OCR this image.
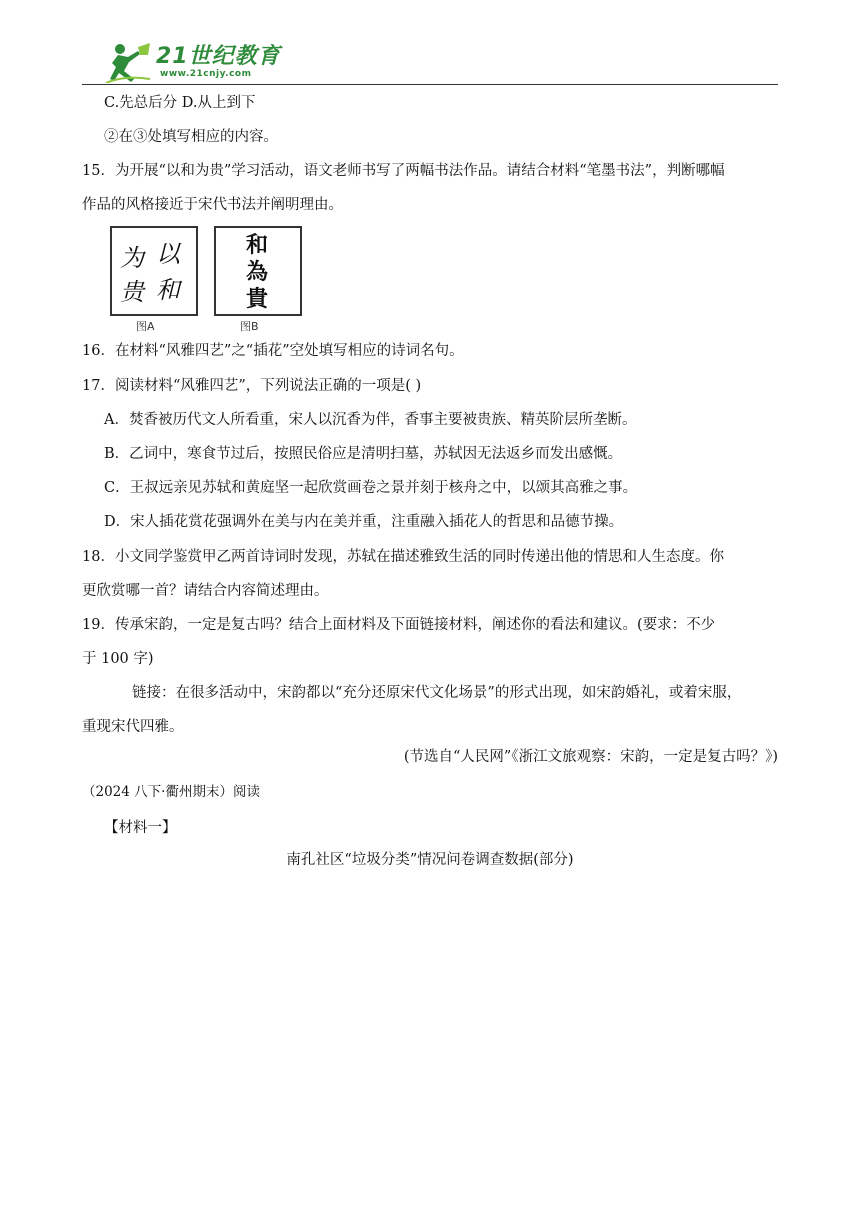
21世纪教育
www.21cnjy.com
C.先总后分 D.从上到下
②在③处填写相应的内容。
15．为开展“以和为贵”学习活动，语文老师书写了两幅书法作品。请结合材料“笔墨书法”，判断哪幅
作品的风格接近于宋代书法并阐明理由。
以
和
为
贵
和
為
貴
图A	图B
16．在材料“风雅四艺”之“插花”空处填写相应的诗词名句。
17．阅读材料“风雅四艺”，下列说法正确的一项是( )
A．焚香被历代文人所看重，宋人以沉香为伴，香事主要被贵族、精英阶层所垄断。
B．乙词中，寒食节过后，按照民俗应是清明扫墓，苏轼因无法返乡而发出感慨。
C．王叔远亲见苏轼和黄庭坚一起欣赏画卷之景并刻于核舟之中，以颂其高雅之事。
D．宋人插花赏花强调外在美与内在美并重，注重融入插花人的哲思和品德节操。
18．小文同学鉴赏甲乙两首诗词时发现，苏轼在描述雅致生活的同时传递出他的情思和人生态度。你
更欣赏哪一首？请结合内容简述理由。
19．传承宋韵，一定是复古吗？结合上面材料及下面链接材料，阐述你的看法和建议。(要求：不少
于 100 字)
链接：在很多活动中，宋韵都以“充分还原宋代文化场景”的形式出现，如宋韵婚礼，或着宋服，
重现宋代四雅。
(节选自“人民网”《浙江文旅观察：宋韵，一定是复古吗？》)
（2024 八下·衢州期末）阅读
【材料一】
南孔社区“垃圾分类”情况问卷调查数据(部分)
